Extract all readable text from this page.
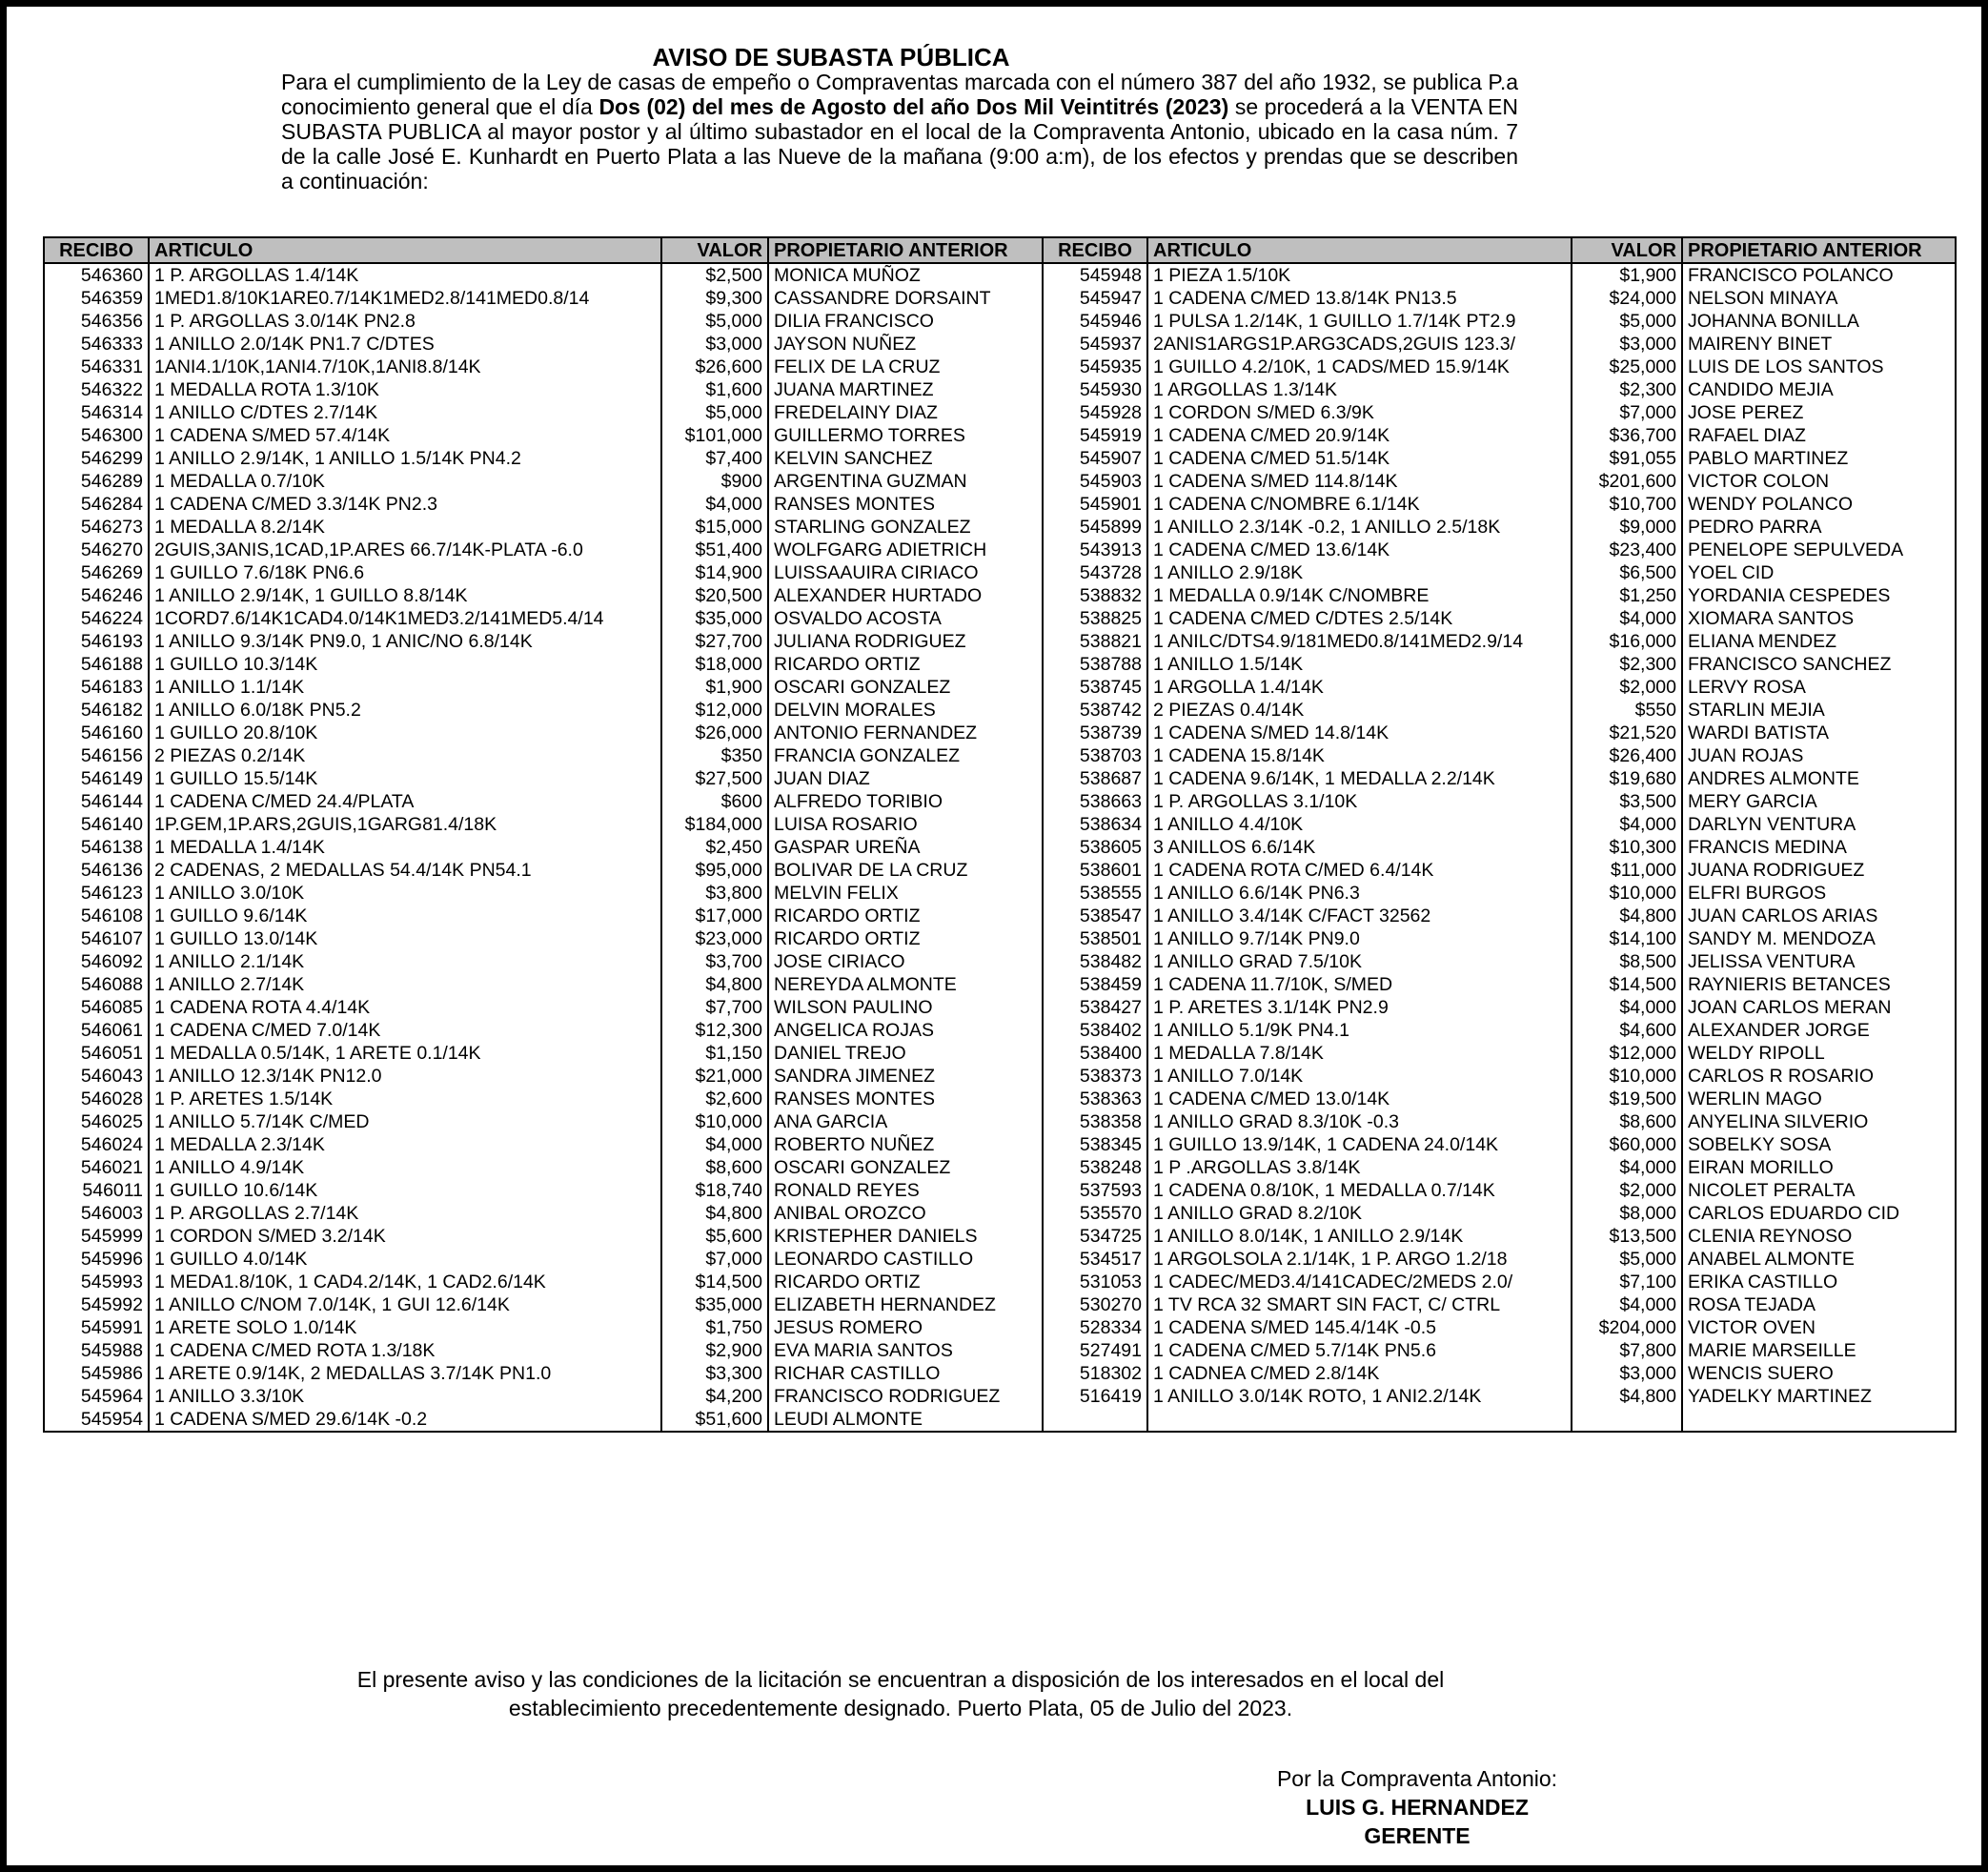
AVISO DE SUBASTA PÚBLICA

Para el cumplimiento de la Ley de casas de empeño o Compraventas marcada con el número 387 del año 1932, se publica P.a conocimiento general que el día Dos (02) del mes de Agosto del año Dos Mil Veintitrés (2023) se procederá a la VENTA EN SUBASTA PUBLICA al mayor postor y al último subastador en el local de la Compraventa Antonio, ubicado en la casa núm. 7 de la calle José E. Kunhardt en Puerto Plata a las Nueve de la mañana (9:00 a:m), de los efectos y prendas que se describen a continuación:

RECIBO	ARTICULO	VALOR	PROPIETARIO ANTERIOR	RECIBO	ARTICULO	VALOR	PROPIETARIO ANTERIOR
546360	1 P. ARGOLLAS 1.4/14K	$2,500	MONICA MUÑOZ	545948	1 PIEZA 1.5/10K	$1,900	FRANCISCO POLANCO
546359	1MED1.8/10K1ARE0.7/14K1MED2.8/141MED0.8/14	$9,300	CASSANDRE DORSAINT	545947	1 CADENA C/MED 13.8/14K PN13.5	$24,000	NELSON MINAYA
546356	1 P. ARGOLLAS 3.0/14K PN2.8	$5,000	DILIA FRANCISCO	545946	1 PULSA 1.2/14K, 1 GUILLO 1.7/14K PT2.9	$5,000	JOHANNA BONILLA
546333	1 ANILLO 2.0/14K PN1.7 C/DTES	$3,000	JAYSON NUÑEZ	545937	2ANIS1ARGS1P.ARG3CADS,2GUIS 123.3/	$3,000	MAIRENY BINET
546331	1ANI4.1/10K,1ANI4.7/10K,1ANI8.8/14K	$26,600	FELIX DE LA CRUZ	545935	1 GUILLO 4.2/10K, 1 CADS/MED 15.9/14K	$25,000	LUIS DE LOS SANTOS
546322	1 MEDALLA ROTA 1.3/10K	$1,600	JUANA MARTINEZ	545930	1 ARGOLLAS 1.3/14K	$2,300	CANDIDO MEJIA
546314	1 ANILLO C/DTES 2.7/14K	$5,000	FREDELAINY DIAZ	545928	1 CORDON S/MED 6.3/9K	$7,000	JOSE PEREZ
546300	1 CADENA S/MED 57.4/14K	$101,000	GUILLERMO TORRES	545919	1 CADENA C/MED 20.9/14K	$36,700	RAFAEL DIAZ
546299	1 ANILLO 2.9/14K, 1 ANILLO 1.5/14K PN4.2	$7,400	KELVIN SANCHEZ	545907	1 CADENA C/MED 51.5/14K	$91,055	PABLO MARTINEZ
546289	1 MEDALLA 0.7/10K	$900	ARGENTINA GUZMAN	545903	1 CADENA S/MED 114.8/14K	$201,600	VICTOR COLON
546284	1 CADENA C/MED 3.3/14K PN2.3	$4,000	RANSES MONTES	545901	1 CADENA C/NOMBRE 6.1/14K	$10,700	WENDY POLANCO
546273	1 MEDALLA 8.2/14K	$15,000	STARLING GONZALEZ	545899	1 ANILLO 2.3/14K -0.2, 1 ANILLO 2.5/18K	$9,000	PEDRO PARRA
546270	2GUIS,3ANIS,1CAD,1P.ARES 66.7/14K-PLATA -6.0	$51,400	WOLFGARG ADIETRICH	543913	1 CADENA C/MED 13.6/14K	$23,400	PENELOPE SEPULVEDA
546269	1 GUILLO 7.6/18K PN6.6	$14,900	LUISSAAUIRA CIRIACO	543728	1 ANILLO 2.9/18K	$6,500	YOEL CID
546246	1 ANILLO 2.9/14K, 1 GUILLO 8.8/14K	$20,500	ALEXANDER HURTADO	538832	1 MEDALLA 0.9/14K C/NOMBRE	$1,250	YORDANIA CESPEDES
546224	1CORD7.6/14K1CAD4.0/14K1MED3.2/141MED5.4/14	$35,000	OSVALDO ACOSTA	538825	1 CADENA C/MED C/DTES 2.5/14K	$4,000	XIOMARA SANTOS
546193	1 ANILLO 9.3/14K PN9.0, 1 ANIC/NO 6.8/14K	$27,700	JULIANA RODRIGUEZ	538821	1 ANILC/DTS4.9/181MED0.8/141MED2.9/14	$16,000	ELIANA MENDEZ
546188	1 GUILLO 10.3/14K	$18,000	RICARDO ORTIZ	538788	1 ANILLO 1.5/14K	$2,300	FRANCISCO SANCHEZ
546183	1 ANILLO 1.1/14K	$1,900	OSCARI GONZALEZ	538745	1 ARGOLLA 1.4/14K	$2,000	LERVY ROSA
546182	1 ANILLO 6.0/18K PN5.2	$12,000	DELVIN MORALES	538742	2 PIEZAS 0.4/14K	$550	STARLIN MEJIA
546160	1 GUILLO 20.8/10K	$26,000	ANTONIO FERNANDEZ	538739	1 CADENA S/MED 14.8/14K	$21,520	WARDI BATISTA
546156	2 PIEZAS 0.2/14K	$350	FRANCIA GONZALEZ	538703	1 CADENA 15.8/14K	$26,400	JUAN ROJAS
546149	1 GUILLO 15.5/14K	$27,500	JUAN DIAZ	538687	1 CADENA 9.6/14K, 1 MEDALLA 2.2/14K	$19,680	ANDRES ALMONTE
546144	1 CADENA C/MED 24.4/PLATA	$600	ALFREDO TORIBIO	538663	1 P. ARGOLLAS 3.1/10K	$3,500	MERY GARCIA
546140	1P.GEM,1P.ARS,2GUIS,1GARG81.4/18K	$184,000	LUISA ROSARIO	538634	1 ANILLO 4.4/10K	$4,000	DARLYN VENTURA
546138	1 MEDALLA 1.4/14K	$2,450	GASPAR UREÑA	538605	3 ANILLOS 6.6/14K	$10,300	FRANCIS MEDINA
546136	2 CADENAS, 2 MEDALLAS 54.4/14K PN54.1	$95,000	BOLIVAR DE LA CRUZ	538601	1 CADENA ROTA C/MED 6.4/14K	$11,000	JUANA RODRIGUEZ
546123	1 ANILLO 3.0/10K	$3,800	MELVIN FELIX	538555	1 ANILLO 6.6/14K PN6.3	$10,000	ELFRI BURGOS
546108	1 GUILLO 9.6/14K	$17,000	RICARDO ORTIZ	538547	1 ANILLO 3.4/14K C/FACT 32562	$4,800	JUAN CARLOS ARIAS
546107	1 GUILLO 13.0/14K	$23,000	RICARDO ORTIZ	538501	1 ANILLO 9.7/14K PN9.0	$14,100	SANDY M. MENDOZA
546092	1 ANILLO 2.1/14K	$3,700	JOSE CIRIACO	538482	1 ANILLO GRAD 7.5/10K	$8,500	JELISSA VENTURA
546088	1 ANILLO 2.7/14K	$4,800	NEREYDA ALMONTE	538459	1 CADENA 11.7/10K, S/MED	$14,500	RAYNIERIS BETANCES
546085	1 CADENA ROTA 4.4/14K	$7,700	WILSON PAULINO	538427	1 P. ARETES 3.1/14K PN2.9	$4,000	JOAN CARLOS MERAN
546061	1 CADENA C/MED 7.0/14K	$12,300	ANGELICA ROJAS	538402	1 ANILLO 5.1/9K PN4.1	$4,600	ALEXANDER JORGE
546051	1 MEDALLA 0.5/14K, 1 ARETE 0.1/14K	$1,150	DANIEL TREJO	538400	1 MEDALLA 7.8/14K	$12,000	WELDY RIPOLL
546043	1 ANILLO 12.3/14K PN12.0	$21,000	SANDRA JIMENEZ	538373	1 ANILLO 7.0/14K	$10,000	CARLOS R ROSARIO
546028	1 P. ARETES 1.5/14K	$2,600	RANSES MONTES	538363	1 CADENA C/MED 13.0/14K	$19,500	WERLIN MAGO
546025	1 ANILLO 5.7/14K C/MED	$10,000	ANA GARCIA	538358	1 ANILLO GRAD 8.3/10K -0.3	$8,600	ANYELINA SILVERIO
546024	1 MEDALLA 2.3/14K	$4,000	ROBERTO NUÑEZ	538345	1 GUILLO 13.9/14K, 1 CADENA 24.0/14K	$60,000	SOBELKY SOSA
546021	1 ANILLO 4.9/14K	$8,600	OSCARI GONZALEZ	538248	1 P .ARGOLLAS 3.8/14K	$4,000	EIRAN MORILLO
546011	1 GUILLO 10.6/14K	$18,740	RONALD REYES	537593	1 CADENA 0.8/10K, 1 MEDALLA 0.7/14K	$2,000	NICOLET PERALTA
546003	1 P. ARGOLLAS 2.7/14K	$4,800	ANIBAL OROZCO	535570	1 ANILLO GRAD 8.2/10K	$8,000	CARLOS EDUARDO CID
545999	1 CORDON S/MED 3.2/14K	$5,600	KRISTEPHER DANIELS	534725	1 ANILLO 8.0/14K, 1 ANILLO 2.9/14K	$13,500	CLENIA REYNOSO
545996	1 GUILLO 4.0/14K	$7,000	LEONARDO CASTILLO	534517	1 ARGOLSOLA 2.1/14K, 1 P. ARGO 1.2/18	$5,000	ANABEL ALMONTE
545993	1 MEDA1.8/10K, 1 CAD4.2/14K, 1 CAD2.6/14K	$14,500	RICARDO ORTIZ	531053	1 CADEC/MED3.4/141CADEC/2MEDS 2.0/	$7,100	ERIKA CASTILLO
545992	1 ANILLO C/NOM 7.0/14K, 1 GUI 12.6/14K	$35,000	ELIZABETH HERNANDEZ	530270	1 TV RCA 32 SMART SIN FACT, C/ CTRL	$4,000	ROSA TEJADA
545991	1 ARETE SOLO 1.0/14K	$1,750	JESUS ROMERO	528334	1 CADENA S/MED 145.4/14K -0.5	$204,000	VICTOR OVEN
545988	1 CADENA C/MED ROTA 1.3/18K	$2,900	EVA MARIA SANTOS	527491	1 CADENA C/MED 5.7/14K PN5.6	$7,800	MARIE MARSEILLE
545986	1 ARETE 0.9/14K, 2 MEDALLAS 3.7/14K PN1.0	$3,300	RICHAR CASTILLO	518302	1 CADNEA C/MED 2.8/14K	$3,000	WENCIS SUERO
545964	1 ANILLO 3.3/10K	$4,200	FRANCISCO RODRIGUEZ	516419	1 ANILLO 3.0/14K ROTO, 1 ANI2.2/14K	$4,800	YADELKY MARTINEZ
545954	1 CADENA S/MED 29.6/14K -0.2	$51,600	LEUDI ALMONTE				

El presente aviso y las condiciones de la licitación se encuentran a disposición de los interesados en el local del
establecimiento precedentemente designado. Puerto Plata, 05 de Julio del 2023.

Por la Compraventa Antonio:
LUIS G. HERNANDEZ
GERENTE
